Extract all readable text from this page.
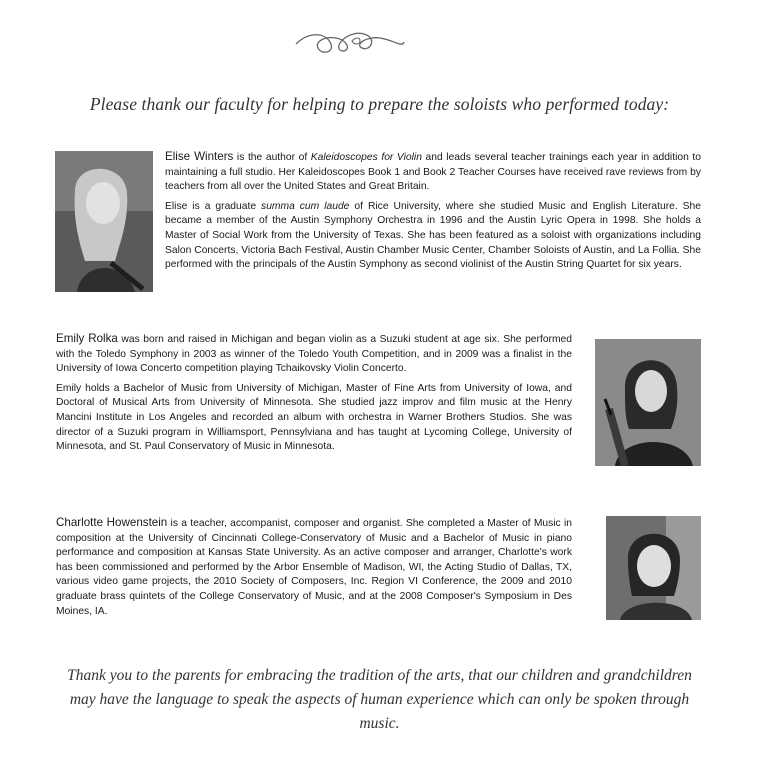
Please thank our faculty for helping to prepare the soloists who performed today:

Elise Winters is the author of Kaleidoscopes for Violin and leads several teacher trainings each year in addition to maintaining a full studio. Her Kaleidoscopes Book 1 and Book 2 Teacher Courses have received rave reviews from by teachers from all over the United States and Great Britain.

Elise is a graduate summa cum laude of Rice University, where she studied Music and English Literature. She became a member of the Austin Symphony Orchestra in 1996 and the Austin Lyric Opera in 1998. She holds a Master of Social Work from the University of Texas. She has been featured as a soloist with organizations including Salon Concerts, Victoria Bach Festival, Austin Chamber Music Center, Chamber Soloists of Austin, and La Follia. She performed with the principals of the Austin Symphony as second violinist of the Austin String Quartet for six years.

Emily Rolka was born and raised in Michigan and began violin as a Suzuki student at age six. She performed with the Toledo Symphony in 2003 as winner of the Toledo Youth Competition, and in 2009 was a finalist in the University of Iowa Concerto competition playing Tchaikovsky Violin Concerto.

Emily holds a Bachelor of Music from University of Michigan, Master of Fine Arts from University of Iowa, and Doctoral of Musical Arts from University of Minnesota. She studied jazz improv and film music at the Henry Mancini Institute in Los Angeles and recorded an album with orchestra in Warner Brothers Studios. She was director of a Suzuki program in Williamsport, Pennsylviana and has taught at Lycoming College, University of Minnesota, and St. Paul Conservatory of Music in Minnesota.

Charlotte Howenstein is a teacher, accompanist, composer and organist. She completed a Master of Music in composition at the University of Cincinnati College-Conservatory of Music and a Bachelor of Music in piano performance and composition at Kansas State University. As an active composer and arranger, Charlotte's work has been commissioned and performed by the Arbor Ensemble of Madison, WI, the Acting Studio of Dallas, TX, various video game projects, the 2010 Society of Composers, Inc. Region VI Conference, the 2009 and 2010 graduate brass quintets of the College Conservatory of Music, and at the 2008 Composer's Symposium in Des Moines, IA.

Thank you to the parents for embracing the tradition of the arts, that our children and grandchildren may have the language to speak the aspects of human experience which can only be spoken through music.
